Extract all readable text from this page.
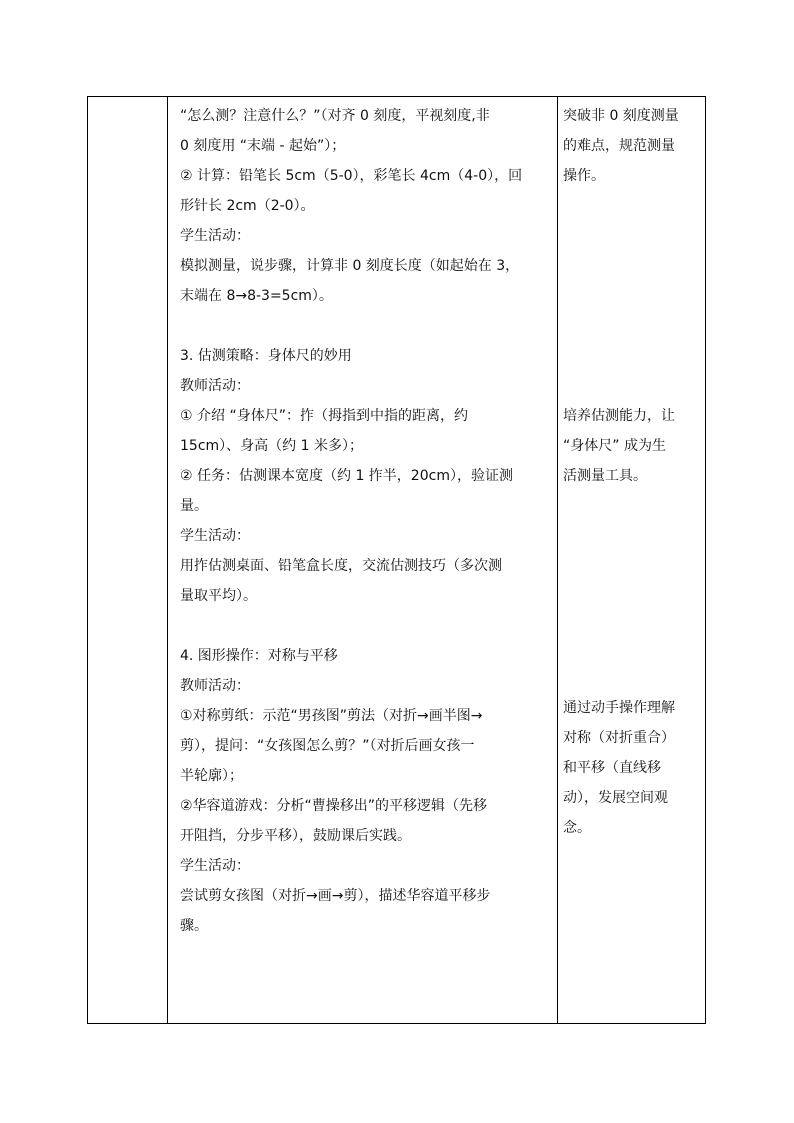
“怎么测？注意什么？”（对齐 0 刻度，平视刻度,非
0 刻度用 “末端 - 起始”）；
② 计算：铅笔长 5cm（5-0），彩笔长 4cm（4-0），回
形针长 2cm（2-0）。
学生活动：
模拟测量，说步骤，计算非 0 刻度长度（如起始在 3，
末端在 8→8-3=5cm）。
3. 估测策略：身体尺的妙用
教师活动：
① 介绍 “身体尺”：拃（拇指到中指的距离，约
15cm）、身高（约 1 米多）；
② 任务：估测课本宽度（约 1 拃半，20cm），验证测
量。
学生活动：
用拃估测桌面、铅笔盒长度，交流估测技巧（多次测
量取平均）。
4. 图形操作：对称与平移
教师活动：
①对称剪纸：示范“男孩图”剪法（对折→画半图→
剪），提问：“女孩图怎么剪？”（对折后画女孩一
半轮廓）；
②华容道游戏：分析“曹操移出”的平移逻辑（先移
开阻挡，分步平移），鼓励课后实践。
学生活动：
尝试剪女孩图（对折→画→剪），描述华容道平移步
骤。
突破非 0 刻度测量
的难点，规范测量
操作。
培养估测能力，让
“身体尺” 成为生
活测量工具。
通过动手操作理解
对称（对折重合）
和平移（直线移
动），发展空间观
念。
